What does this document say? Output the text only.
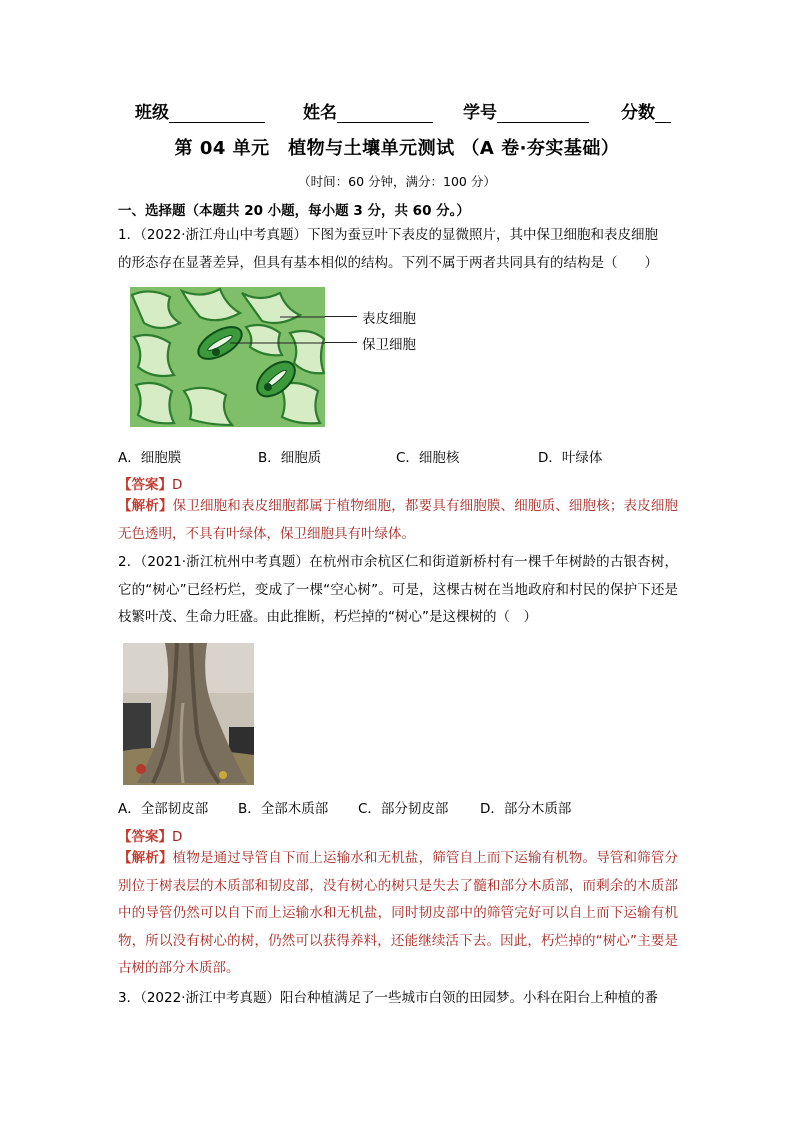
班级	姓名	学号	分数
第 04 单元　植物与土壤单元测试 （A 卷·夯实基础）
（时间：60 分钟，满分：100 分）
一、选择题（本题共 20 小题，每小题 3 分，共 60 分。）
1．（2022·浙江舟山中考真题）下图为蚕豆叶下表皮的显微照片，其中保卫细胞和表皮细胞
的形态存在显著差异，但具有基本相似的结构。下列不属于两者共同具有的结构是（　　）
表皮细胞
保卫细胞
A．细胞膜	B．细胞质	C．细胞核	D．叶绿体
【答案】D
【解析】保卫细胞和表皮细胞都属于植物细胞，都要具有细胞膜、细胞质、细胞核；表皮细胞无色透明，不具有叶绿体，保卫细胞具有叶绿体。
2．（2021·浙江杭州中考真题）在杭州市余杭区仁和街道新桥村有一棵千年树龄的古银杏树，它的“树心”已经朽烂，变成了一棵“空心树”。可是，这棵古树在当地政府和村民的保护下还是枝繁叶茂、生命力旺盛。由此推断，朽烂掉的“树心”是这棵树的（　）
A．全部韧皮部 B．全部木质部 C．部分韧皮部 D．部分木质部
【答案】D
【解析】植物是通过导管自下而上运输水和无机盐，筛管自上而下运输有机物。导管和筛管分别位于树表层的木质部和韧皮部，没有树心的树只是失去了髓和部分木质部，而剩余的木质部中的导管仍然可以自下而上运输水和无机盐，同时韧皮部中的筛管完好可以自上而下运输有机物，所以没有树心的树，仍然可以获得养料，还能继续活下去。因此，朽烂掉的“树心”主要是古树的部分木质部。
3．（2022·浙江中考真题）阳台种植满足了一些城市白领的田园梦。小科在阳台上种植的番
